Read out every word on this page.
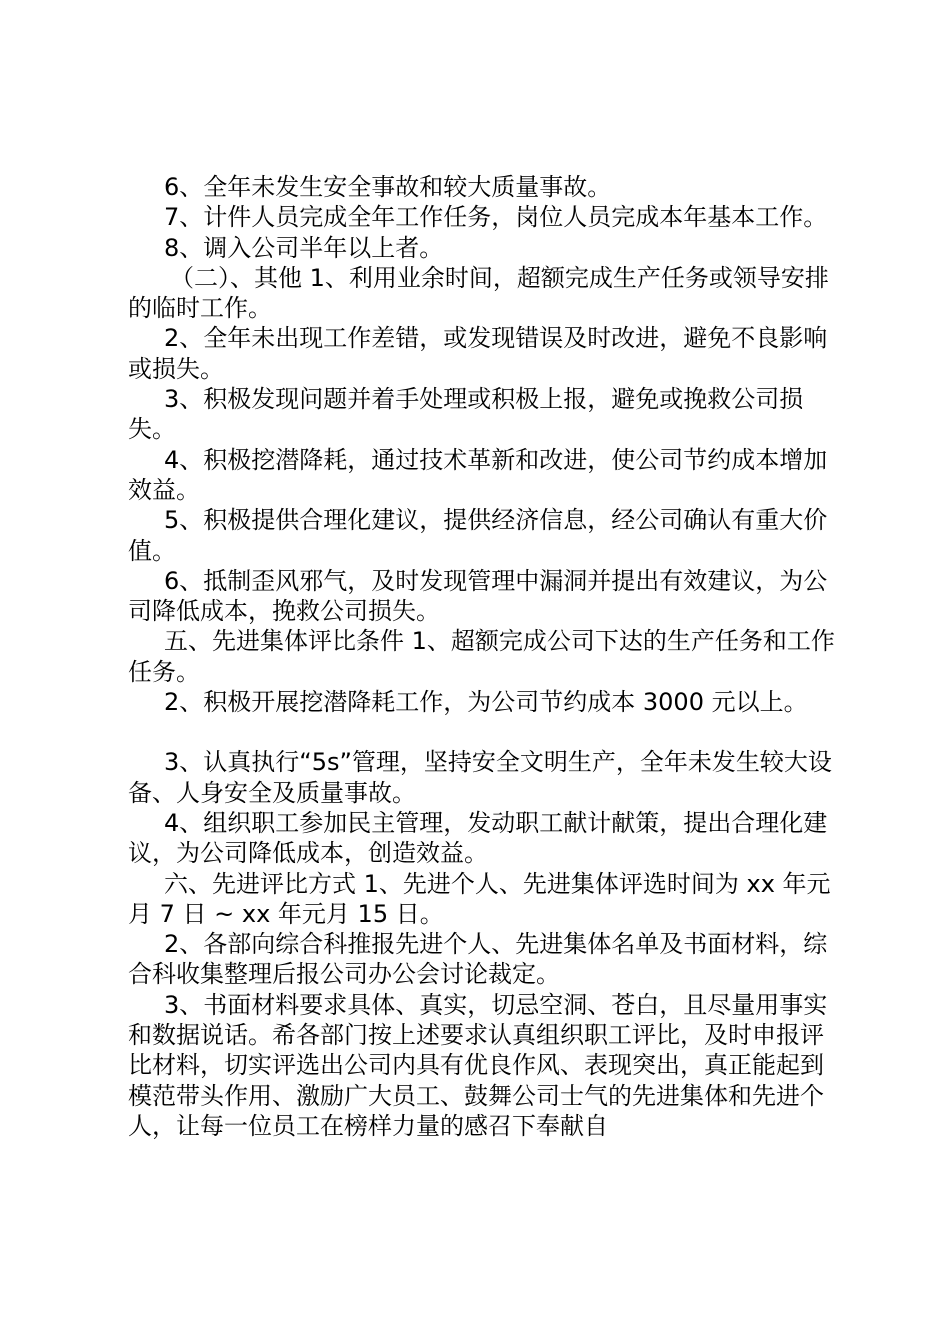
6、全年未发生安全事故和较大质量事故。

7、计件人员完成全年工作任务，岗位人员完成本年基本工作。

8、调入公司半年以上者。

（二）、其他 1、利用业余时间，超额完成生产任务或领导安排的临时工作。

2、全年未出现工作差错，或发现错误及时改进，避免不良影响或损失。

3、积极发现问题并着手处理或积极上报，避免或挽救公司损失。

4、积极挖潜降耗，通过技术革新和改进，使公司节约成本增加效益。

5、积极提供合理化建议，提供经济信息，经公司确认有重大价值。

6、抵制歪风邪气，及时发现管理中漏洞并提出有效建议，为公司降低成本，挽救公司损失。

五、先进集体评比条件 1、超额完成公司下达的生产任务和工作任务。

2、积极开展挖潜降耗工作，为公司节约成本 3000 元以上。

3、认真执行“5s”管理，坚持安全文明生产，全年未发生较大设备、人身安全及质量事故。

4、组织职工参加民主管理，发动职工献计献策，提出合理化建议，为公司降低成本，创造效益。

六、先进评比方式 1、先进个人、先进集体评选时间为 xx 年元月 7 日 ~ xx 年元月 15 日。

2、各部向综合科推报先进个人、先进集体名单及书面材料，综合科收集整理后报公司办公会讨论裁定。

3、书面材料要求具体、真实，切忌空洞、苍白，且尽量用事实和数据说话。希各部门按上述要求认真组织职工评比，及时申报评比材料，切实评选出公司内具有优良作风、表现突出，真正能起到模范带头作用、激励广大员工、鼓舞公司士气的先进集体和先进个人，让每一位员工在榜样力量的感召下奉献自
